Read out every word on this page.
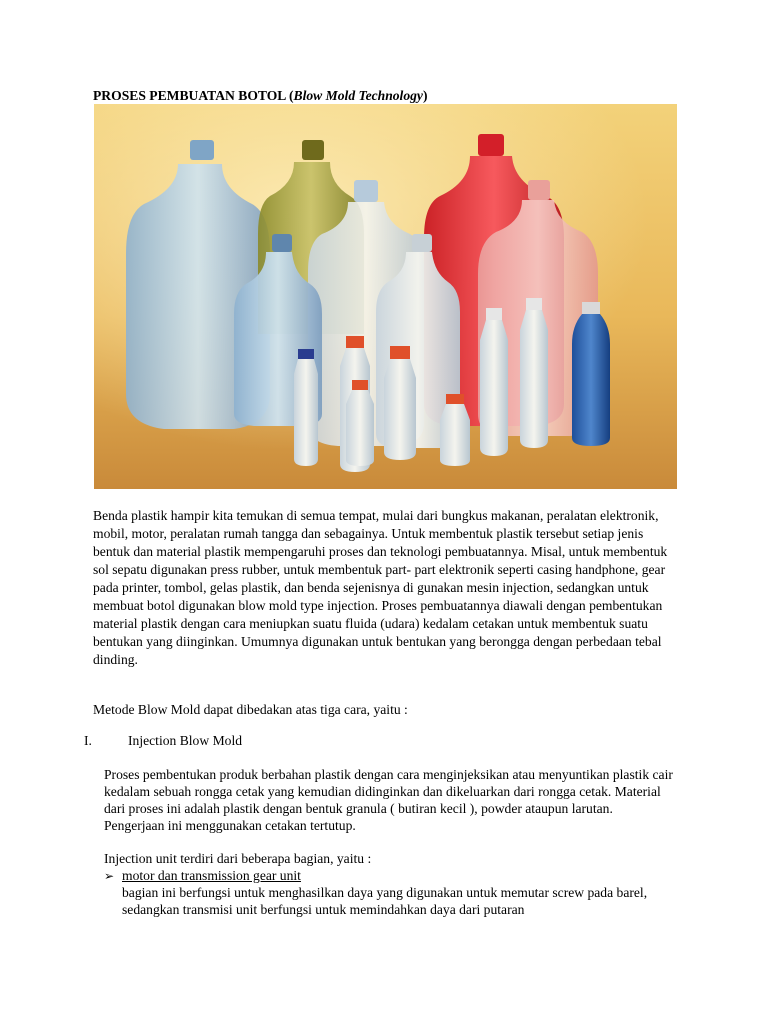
PROSES PEMBUATAN BOTOL (Blow Mold Technology)

Benda plastik hampir kita temukan di semua tempat, mulai dari bungkus makanan, peralatan elektronik, mobil, motor, peralatan rumah tangga dan sebagainya. Untuk membentuk plastik tersebut setiap jenis bentuk dan material plastik mempengaruhi proses dan teknologi pembuatannya. Misal, untuk membentuk sol sepatu digunakan press rubber, untuk membentuk part- part elektronik seperti casing handphone, gear pada printer, tombol, gelas plastik, dan benda sejenisnya di gunakan mesin injection, sedangkan untuk membuat botol digunakan blow mold type injection. Proses pembuatannya diawali dengan pembentukan material plastik dengan cara meniupkan suatu fluida (udara) kedalam cetakan untuk membentuk suatu bentukan yang diinginkan. Umumnya digunakan untuk bentukan yang berongga dengan perbedaan tebal dinding.

Metode Blow Mold dapat dibedakan atas tiga cara, yaitu :
I.	Injection Blow Mold

Proses pembentukan produk berbahan plastik dengan cara menginjeksikan atau menyuntikan plastik cair kedalam sebuah rongga cetak yang kemudian didinginkan dan dikeluarkan dari rongga cetak. Material dari proses ini adalah plastik dengan bentuk granula ( butiran kecil ), powder ataupun larutan. Pengerjaan ini menggunakan cetakan tertutup.

Injection unit terdiri dari beberapa bagian, yaitu :
➢ motor dan transmission gear unit

bagian ini berfungsi untuk menghasilkan daya yang digunakan untuk memutar screw pada barel, sedangkan transmisi unit berfungsi untuk memindahkan daya dari putaran
